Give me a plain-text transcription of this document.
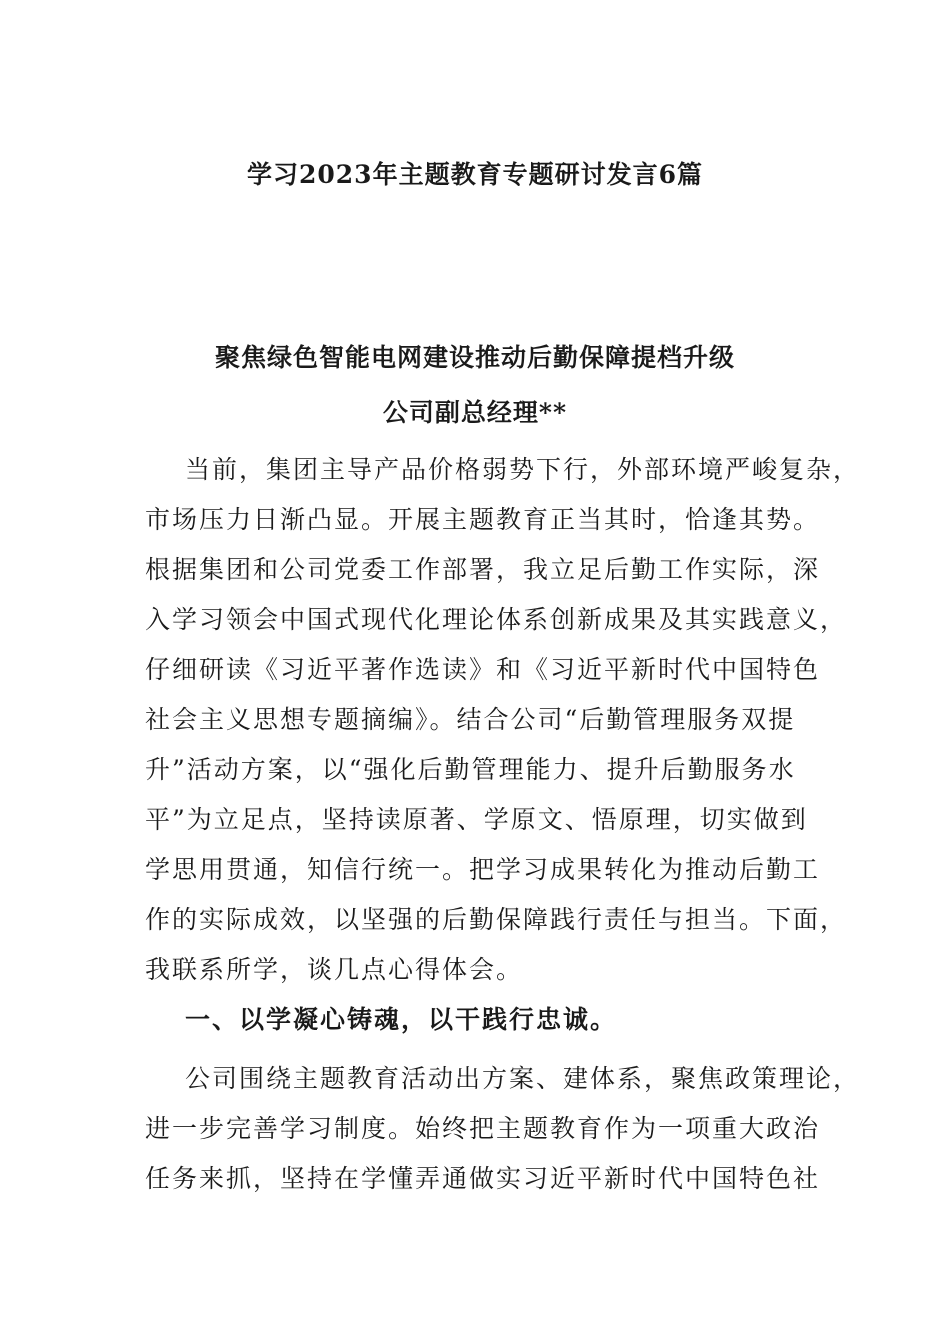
学习2023年主题教育专题研讨发言6篇
聚焦绿色智能电网建设推动后勤保障提档升级
公司副总经理**
当前，集团主导产品价格弱势下行，外部环境严峻复杂，
市场压力日渐凸显。开展主题教育正当其时，恰逢其势。
根据集团和公司党委工作部署，我立足后勤工作实际，深
入学习领会中国式现代化理论体系创新成果及其实践意义，
仔细研读《习近平著作选读》和《习近平新时代中国特色
社会主义思想专题摘编》。结合公司“后勤管理服务双提
升”活动方案，以“强化后勤管理能力、提升后勤服务水
平”为立足点，坚持读原著、学原文、悟原理，切实做到
学思用贯通，知信行统一。把学习成果转化为推动后勤工
作的实际成效，以坚强的后勤保障践行责任与担当。下面，
我联系所学，谈几点心得体会。
一、以学凝心铸魂，以干践行忠诚。
公司围绕主题教育活动出方案、建体系，聚焦政策理论，
进一步完善学习制度。始终把主题教育作为一项重大政治
任务来抓，坚持在学懂弄通做实习近平新时代中国特色社
